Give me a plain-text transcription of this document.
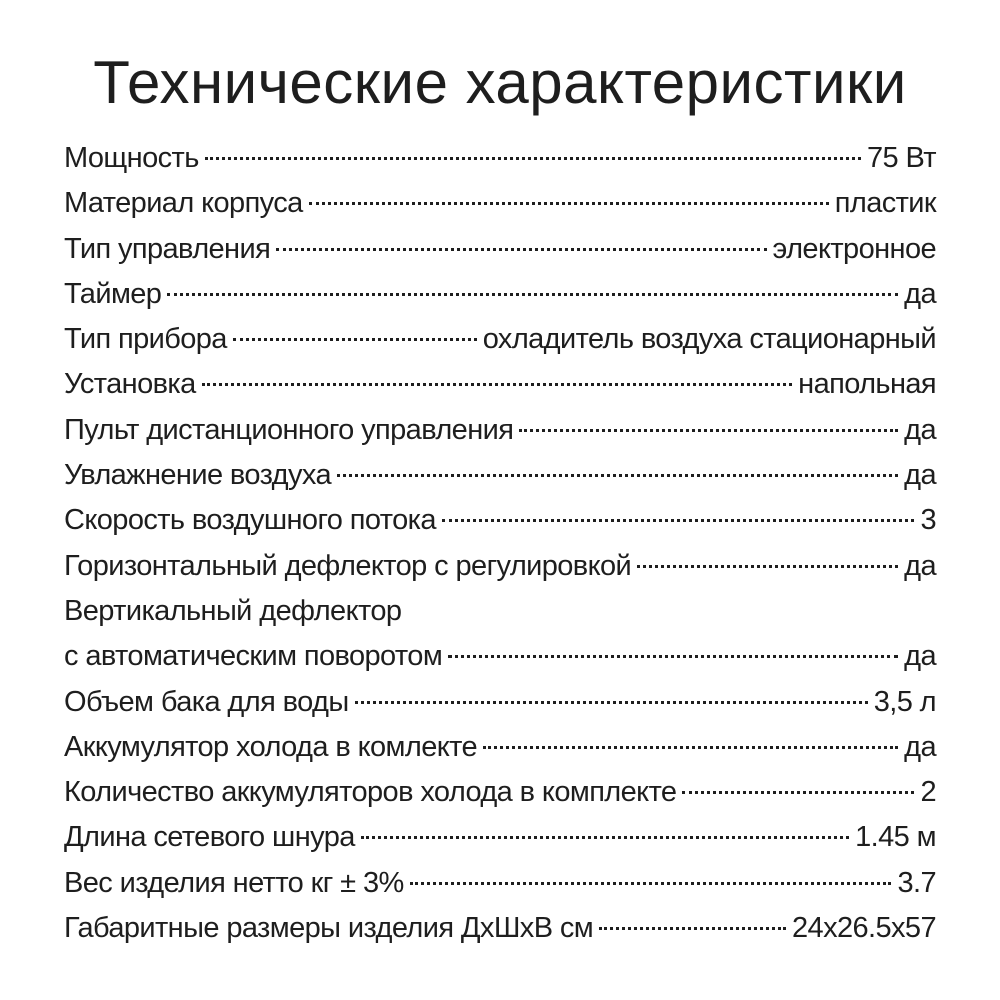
Технические характеристики
Мощность	75 Вт
Материал корпуса	пластик
Тип управления	электронное
Таймер	да
Тип прибора	охладитель воздуха стационарный
Установка	напольная
Пульт дистанционного управления	да
Увлажнение воздуха	да
Скорость воздушного потока	3
Горизонтальный дефлектор с регулировкой	да
Вертикальный дефлектор
с автоматическим поворотом	да
Объем бака для воды	3,5 л
Аккумулятор холода в комлекте	да
Количество аккумуляторов холода в комплекте	2
Длина сетевого шнура	1.45 м
Вес изделия нетто кг ± 3%	3.7
Габаритные размеры изделия ДхШхВ см	24x26.5x57
